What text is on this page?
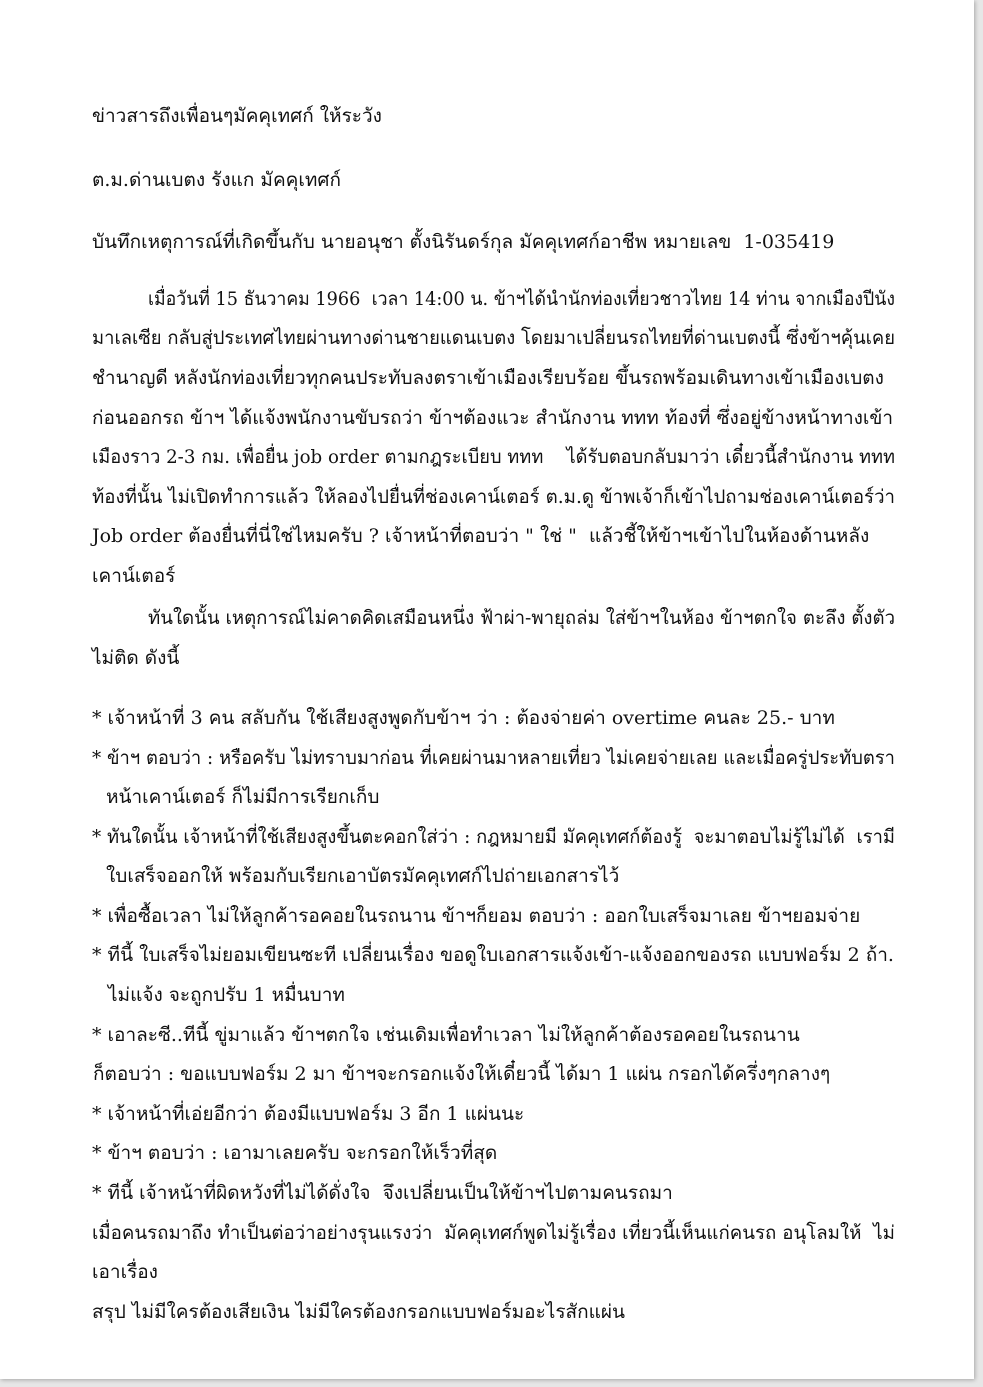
ข่าวสารถึงเพื่อนๆมัคคุเทศก์ ให้ระวัง
ต.ม.ด่านเบตง รังแก มัคคุเทศก์
บันทึกเหตุการณ์ที่เกิดขึ้นกับ นายอนุชา ตั้งนิรันดร์กุล มัคคุเทศก์อาชีพ หมายเลข  1-035419
เมื่อวันที่ 15 ธันวาคม 1966  เวลา 14:00 น. ข้าฯได้นำนักท่องเที่ยวชาวไทย 14 ท่าน จากเมืองปีนัง
มาเลเซีย กลับสู่ประเทศไทยผ่านทางด่านชายแดนเบตง โดยมาเปลี่ยนรถไทยที่ด่านเบตงนี้ ซึ่งข้าฯคุ้นเคย
ชำนาญดี หลังนักท่องเที่ยวทุกคนประทับลงตราเข้าเมืองเรียบร้อย ขึ้นรถพร้อมเดินทางเข้าเมืองเบตง
ก่อนออกรถ ข้าฯ ได้แจ้งพนักงานขับรถว่า ข้าฯต้องแวะ สำนักงาน ททท ท้องที่ ซึ่งอยู่ข้างหน้าทางเข้า
เมืองราว 2-3 กม. เพื่อยื่น job order ตามกฎระเบียบ ททท    ได้รับตอบกลับมาว่า เดี๋ยวนี้สำนักงาน ททท
ท้องที่นั้น ไม่เปิดทำการแล้ว ให้ลองไปยื่นที่ช่องเคาน์เตอร์ ต.ม.ดู ข้าพเจ้าก็เข้าไปถามช่องเคาน์เตอร์ว่า
Job order ต้องยื่นที่นี่ใช่ไหมครับ ? เจ้าหน้าที่ตอบว่า " ใช่ "  แล้วชี้ให้ข้าฯเข้าไปในห้องด้านหลัง
เคาน์เตอร์
ทันใดนั้น เหตุการณ์ไม่คาดคิดเสมือนหนึ่ง ฟ้าผ่า-พายุถล่ม ใส่ข้าฯในห้อง ข้าฯตกใจ ตะลึง ตั้งตัว
ไม่ติด ดังนี้
* เจ้าหน้าที่ 3 คน สลับกัน ใช้เสียงสูงพูดกับข้าฯ ว่า : ต้องจ่ายค่า overtime คนละ 25.- บาท
* ข้าฯ ตอบว่า : หรือครับ ไม่ทราบมาก่อน ที่เคยผ่านมาหลายเที่ยว ไม่เคยจ่ายเลย และเมื่อครู่ประทับตรา
หน้าเคาน์เตอร์ ก็ไม่มีการเรียกเก็บ
* ทันใดนั้น เจ้าหน้าที่ใช้เสียงสูงขึ้นตะคอกใส่ว่า : กฎหมายมี มัคคุเทศก์ต้องรู้  จะมาตอบไม่รู้ไม่ได้  เรามี
ใบเสร็จออกให้ พร้อมกับเรียกเอาบัตรมัคคุเทศก์ไปถ่ายเอกสารไว้
* เพื่อซื้อเวลา ไม่ให้ลูกค้ารอคอยในรถนาน ข้าฯก็ยอม ตอบว่า : ออกใบเสร็จมาเลย ข้าฯยอมจ่าย
* ทีนี้ ใบเสร็จไม่ยอมเขียนซะที เปลี่ยนเรื่อง ขอดูใบเอกสารแจ้งเข้า-แจ้งออกของรถ แบบฟอร์ม 2 ถ้า.
ไม่แจ้ง จะถูกปรับ 1 หมื่นบาท
* เอาละซี..ทีนี้ ขู่มาแล้ว ข้าฯตกใจ เช่นเดิมเพื่อทำเวลา ไม่ให้ลูกค้าต้องรอคอยในรถนาน
ก็ตอบว่า : ขอแบบฟอร์ม 2 มา ข้าฯจะกรอกแจ้งให้เดี๋ยวนี้ ได้มา 1 แผ่น กรอกได้ครึ่งๆกลางๆ
* เจ้าหน้าที่เอ่ยอีกว่า ต้องมีแบบฟอร์ม 3 อีก 1 แผ่นนะ
* ข้าฯ ตอบว่า : เอามาเลยครับ จะกรอกให้เร็วที่สุด
* ทีนี้ เจ้าหน้าที่ผิดหวังที่ไม่ได้ดั่งใจ  จึงเปลี่ยนเป็นให้ข้าฯไปตามคนรถมา
เมื่อคนรถมาถึง ทำเป็นต่อว่าอย่างรุนแรงว่า  มัคคุเทศก์พูดไม่รู้เรื่อง เที่ยวนี้เห็นแก่คนรถ อนุโลมให้  ไม่
เอาเรื่อง
สรุป ไม่มีใครต้องเสียเงิน ไม่มีใครต้องกรอกแบบฟอร์มอะไรสักแผ่น
